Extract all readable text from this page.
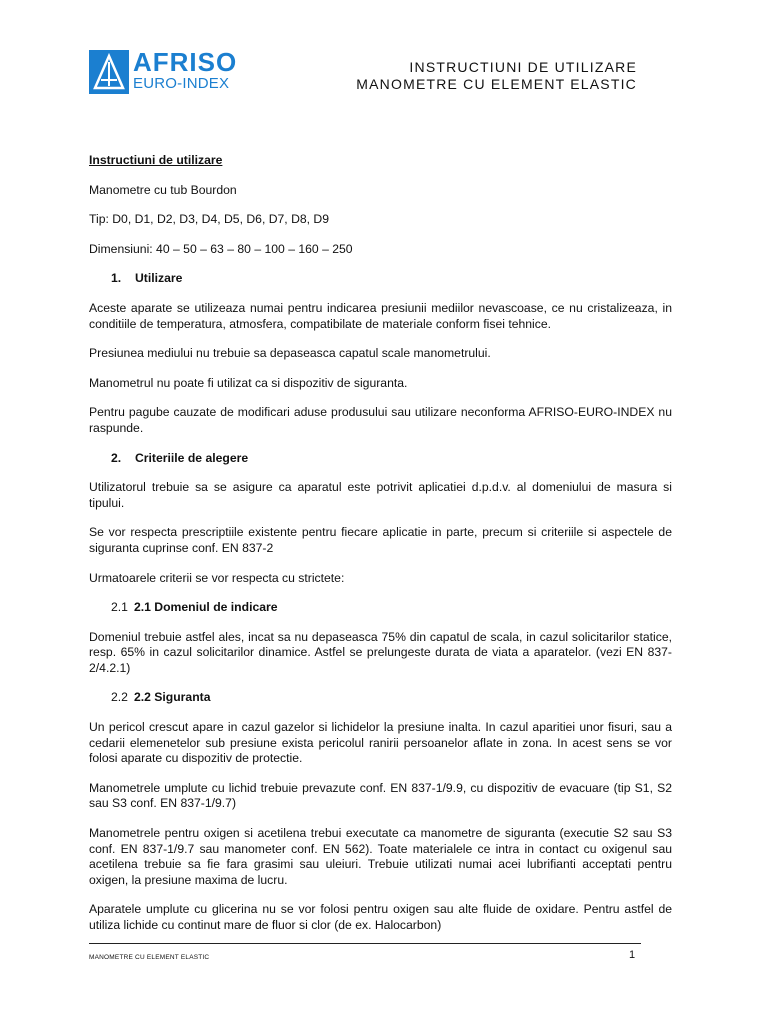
AFRISO
EURO-INDEX
INSTRUCTIUNI DE UTILIZARE
MANOMETRE CU ELEMENT ELASTIC

Instructiuni de utilizare

Manometre cu tub Bourdon

Tip: D0, D1, D2, D3, D4, D5, D6, D7, D8, D9

Dimensiuni: 40 – 50 – 63 – 80 – 100 – 160 – 250

1. Utilizare

Aceste aparate se utilizeaza numai pentru indicarea presiunii mediilor nevascoase, ce nu cristalizeaza, in conditiile de temperatura, atmosfera, compatibilate de materiale conform fisei tehnice.

Presiunea mediului nu trebuie sa depaseasca capatul scale manometrului.

Manometrul nu poate fi utilizat ca si dispozitiv de siguranta.

Pentru pagube cauzate de modificari aduse produsului sau utilizare neconforma AFRISO-EURO-INDEX nu raspunde.

2. Criteriile de alegere

Utilizatorul trebuie sa se asigure ca aparatul este potrivit aplicatiei d.p.d.v. al domeniului de masura si tipului.

Se vor respecta prescriptiile existente pentru fiecare aplicatie in parte, precum si criteriile si aspectele de siguranta cuprinse conf. EN 837-2

Urmatoarele criterii se vor respecta cu strictete:

2.1 2.1 Domeniul de indicare

Domeniul trebuie astfel ales, incat sa nu depaseasca 75% din capatul de scala, in cazul solicitarilor statice, resp. 65% in cazul solicitarilor dinamice. Astfel se prelungeste durata de viata a aparatelor. (vezi EN 837-2/4.2.1)

2.2 2.2 Siguranta

Un pericol crescut apare in cazul gazelor si lichidelor la presiune inalta. In cazul aparitiei unor fisuri, sau a cedarii elemenetelor sub presiune exista pericolul ranirii persoanelor aflate in zona. In acest sens se vor folosi aparate cu dispozitiv de protectie.

Manometrele umplute cu lichid trebuie prevazute conf. EN 837-1/9.9, cu dispozitiv de evacuare (tip S1, S2 sau S3 conf. EN 837-1/9.7)

Manometrele pentru oxigen si acetilena trebui executate ca manometre de siguranta (executie S2 sau S3 conf. EN 837-1/9.7 sau manometer conf. EN 562). Toate materialele ce intra in contact cu oxigenul sau acetilena trebuie sa fie fara grasimi sau uleiuri. Trebuie utilizati numai acei lubrifianti acceptati pentru oxigen, la presiune maxima de lucru.

Aparatele umplute cu glicerina nu se vor folosi pentru oxigen sau alte fluide de oxidare. Pentru astfel de utiliza lichide cu continut mare de fluor si clor (de ex. Halocarbon)

MANOMETRE CU ELEMENT ELASTIC	1
